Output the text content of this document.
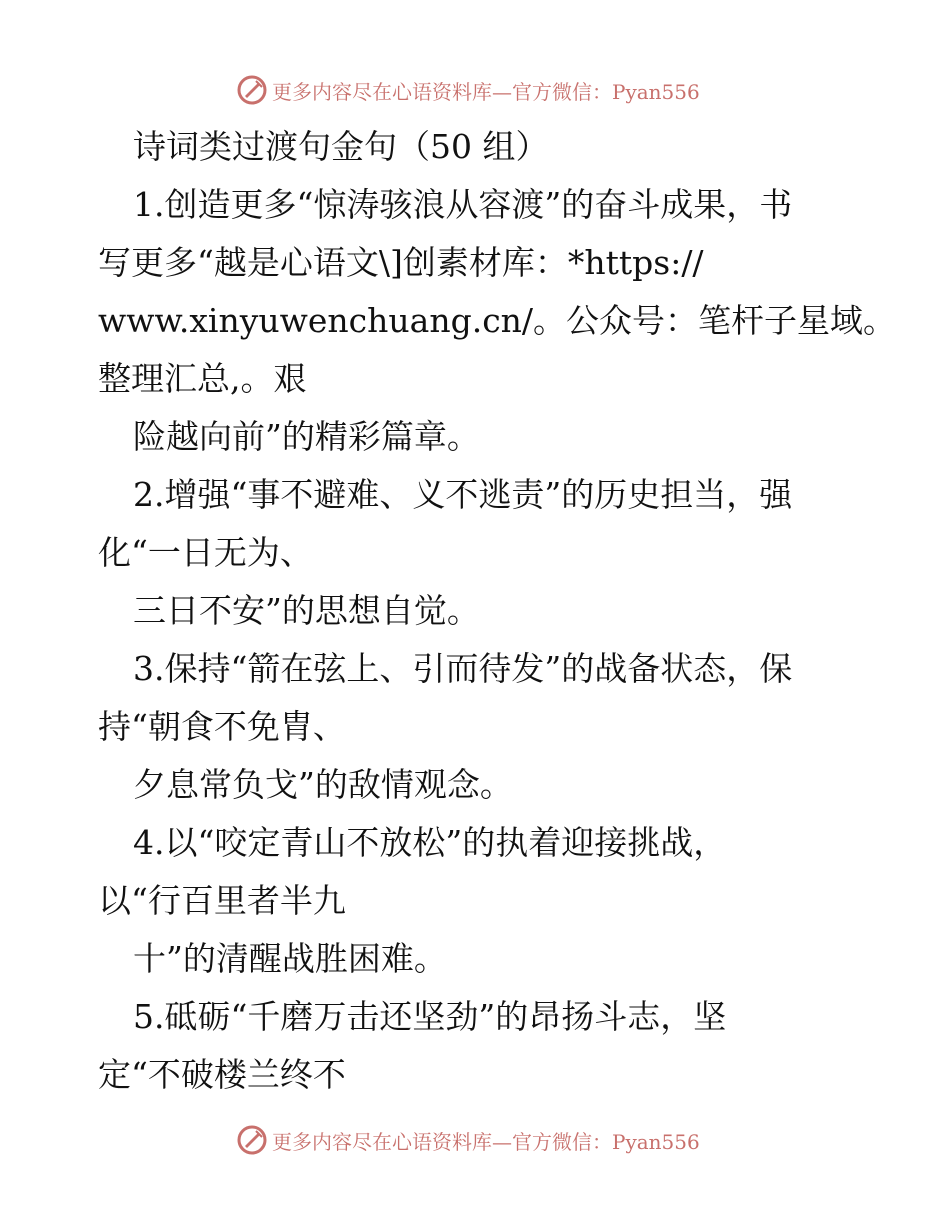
更多内容尽在心语资料库—官方微信：Pyan556
诗词类过渡句金句（50 组）
1.创造更多“惊涛骇浪从容渡”的奋斗成果，书
写更多“越是心语文\]创素材库：*https://
www.xinyuwenchuang.cn/。公众号：笔杆子星域。
整理汇总,。艰
险越向前”的精彩篇章。
2.增强“事不避难、义不逃责”的历史担当，强
化“一日无为、
三日不安”的思想自觉。
3.保持“箭在弦上、引而待发”的战备状态，保
持“朝食不免胄、
夕息常负戈”的敌情观念。
4.以“咬定青山不放松”的执着迎接挑战，
以“行百里者半九
十”的清醒战胜困难。
5.砥砺“千磨万击还坚劲”的昂扬斗志，坚
定“不破楼兰终不
更多内容尽在心语资料库—官方微信：Pyan556
